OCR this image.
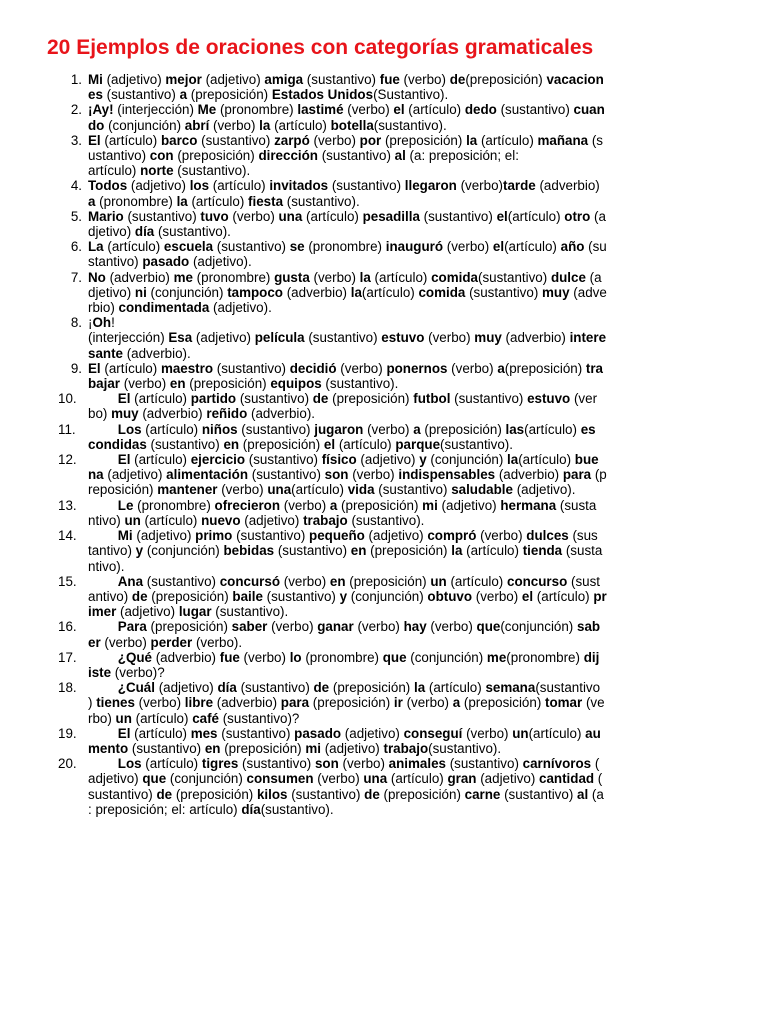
20 Ejemplos de oraciones con categorías gramaticales
1. Mi (adjetivo) mejor (adjetivo) amiga (sustantivo) fue (verbo) de(preposición) vacacion
es (sustantivo) a (preposición) Estados Unidos(Sustantivo).
2. ¡Ay! (interjección) Me (pronombre) lastimé (verbo) el (artículo) dedo (sustantivo) cuan
do (conjunción) abrí (verbo) la (artículo) botella(sustantivo).
3. El (artículo) barco (sustantivo) zarpó (verbo) por (preposición) la (artículo) mañana (s
ustantivo) con (preposición) dirección (sustantivo) al (a: preposición; el:
artículo) norte (sustantivo).
4. Todos (adjetivo) los (artículo) invitados (sustantivo) llegaron (verbo)tarde (adverbio)
a (pronombre) la (artículo) fiesta (sustantivo).
5. Mario (sustantivo) tuvo (verbo) una (artículo) pesadilla (sustantivo) el(artículo) otro (a
djetivo) día (sustantivo).
6. La (artículo) escuela (sustantivo) se (pronombre) inauguró (verbo) el(artículo) año (su
stantivo) pasado (adjetivo).
7. No (adverbio) me (pronombre) gusta (verbo) la (artículo) comida(sustantivo) dulce (a
djetivo) ni (conjunción) tampoco (adverbio) la(artículo) comida (sustantivo) muy (adve
rbio) condimentada (adjetivo).
8. ¡Oh!
(interjección) Esa (adjetivo) película (sustantivo) estuvo (verbo) muy (adverbio) intere
sante (adverbio).
9. El (artículo) maestro (sustantivo) decidió (verbo) ponernos (verbo) a(preposición) tra
bajar (verbo) en (preposición) equipos (sustantivo).
10.	El (artículo) partido (sustantivo) de (preposición) futbol (sustantivo) estuvo (ver
bo) muy (adverbio) reñido (adverbio).
11.	Los (artículo) niños (sustantivo) jugaron (verbo) a (preposición) las(artículo) es
condidas (sustantivo) en (preposición) el (artículo) parque(sustantivo).
12.	El (artículo) ejercicio (sustantivo) físico (adjetivo) y (conjunción) la(artículo) bue
na (adjetivo) alimentación (sustantivo) son (verbo) indispensables (adverbio) para (p
reposición) mantener (verbo) una(artículo) vida (sustantivo) saludable (adjetivo).
13.	Le (pronombre) ofrecieron (verbo) a (preposición) mi (adjetivo) hermana (susta
ntivo) un (artículo) nuevo (adjetivo) trabajo (sustantivo).
14.	Mi (adjetivo) primo (sustantivo) pequeño (adjetivo) compró (verbo) dulces (sus
tantivo) y (conjunción) bebidas (sustantivo) en (preposición) la (artículo) tienda (susta
ntivo).
15.	Ana (sustantivo) concursó (verbo) en (preposición) un (artículo) concurso (sust
antivo) de (preposición) baile (sustantivo) y (conjunción) obtuvo (verbo) el (artículo) pr
imer (adjetivo) lugar (sustantivo).
16.	Para (preposición) saber (verbo) ganar (verbo) hay (verbo) que(conjunción) sab
er (verbo) perder (verbo).
17.	¿Qué (adverbio) fue (verbo) lo (pronombre) que (conjunción) me(pronombre) dij
iste (verbo)?
18.	¿Cuál (adjetivo) día (sustantivo) de (preposición) la (artículo) semana(sustantivo
) tienes (verbo) libre (adverbio) para (preposición) ir (verbo) a (preposición) tomar (ve
rbo) un (artículo) café (sustantivo)?
19.	El (artículo) mes (sustantivo) pasado (adjetivo) conseguí (verbo) un(artículo) au
mento (sustantivo) en (preposición) mi (adjetivo) trabajo(sustantivo).
20.	Los (artículo) tigres (sustantivo) son (verbo) animales (sustantivo) carnívoros (
adjetivo) que (conjunción) consumen (verbo) una (artículo) gran (adjetivo) cantidad (
sustantivo) de (preposición) kilos (sustantivo) de (preposición) carne (sustantivo) al (a
: preposición; el: artículo) día(sustantivo).
